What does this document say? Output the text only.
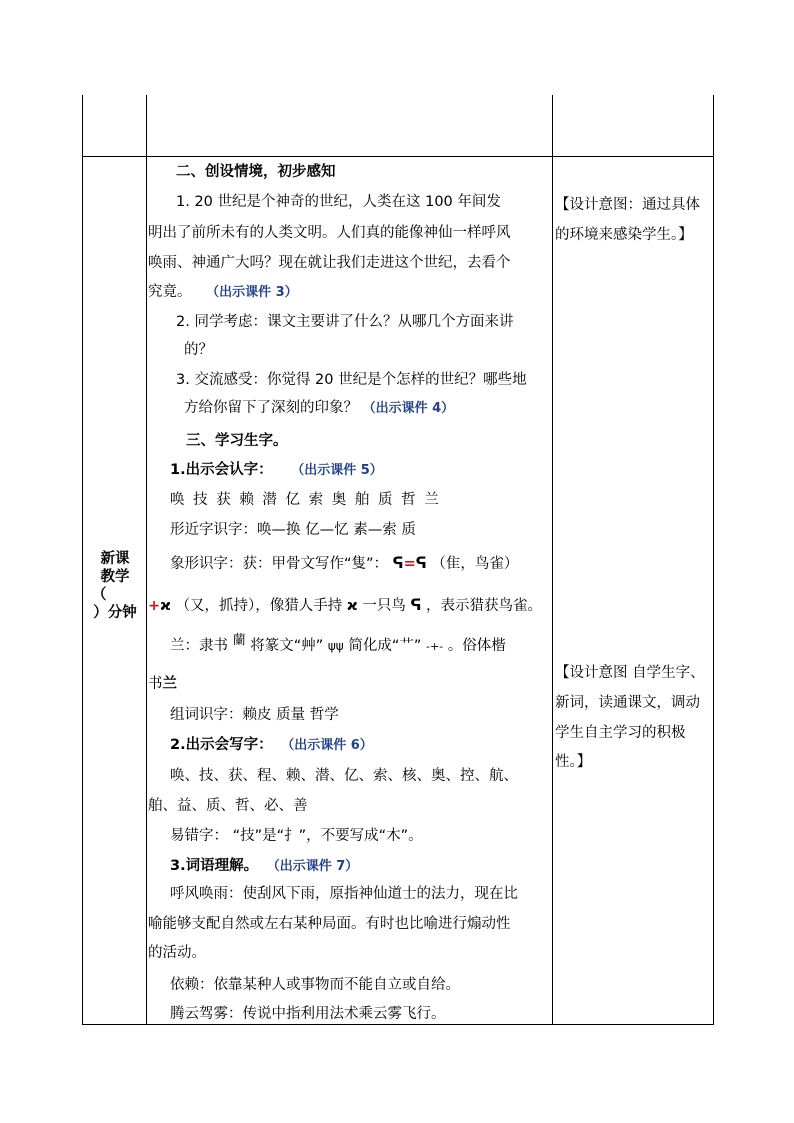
新课
教学
（
）分钟
二、创设情境，初步感知
1. 20 世纪是个神奇的世纪，人类在这 100 年间发
明出了前所未有的人类文明。人们真的能像神仙一样呼风
唤雨、神通广大吗？现在就让我们走进这个世纪，去看个
究竟。 （出示课件 3）
2. 同学考虑：课文主要讲了什么？从哪几个方面来讲
的？
3. 交流感受：你觉得 20 世纪是个怎样的世纪？哪些地
方给你留下了深刻的印象？ （出示课件 4）
三、学习生字。
1.出示会认字： （出示课件 5）
唤 技 获 赖 潜 亿 索 奥 舶 质 哲 兰
形近字识字：唤—换 亿—忆 素—索 质
象形识字：获：甲骨文写作“隻”： ᕋ=ᕋ （隹，鸟雀）
+ϰ （又，抓持），像猎人手持 ϰ 一只鸟 ᕋ ，表示猎获鸟雀。
兰：隶书 蘭 将篆文“艸” ψψ 简化成“艹” -+- 。俗体楷
书兰
组词识字：赖皮 质量 哲学
2.出示会写字： （出示课件 6）
唤、技、获、程、赖、潜、亿、索、核、奥、控、航、
舶、益、质、哲、必、善
易错字： “技”是“扌”，不要写成“木”。
3.词语理解。 （出示课件 7）
呼风唤雨：使刮风下雨，原指神仙道士的法力，现在比
喻能够支配自然或左右某种局面。有时也比喻进行煽动性
的活动。
依赖：依靠某种人或事物而不能自立或自给。
腾云驾雾：传说中指利用法术乘云雾飞行。
【设计意图：通过具体
的环境来感染学生。】
【设计意图 自学生字、
新词，读通课文，调动
学生自主学习的积极
性。】
